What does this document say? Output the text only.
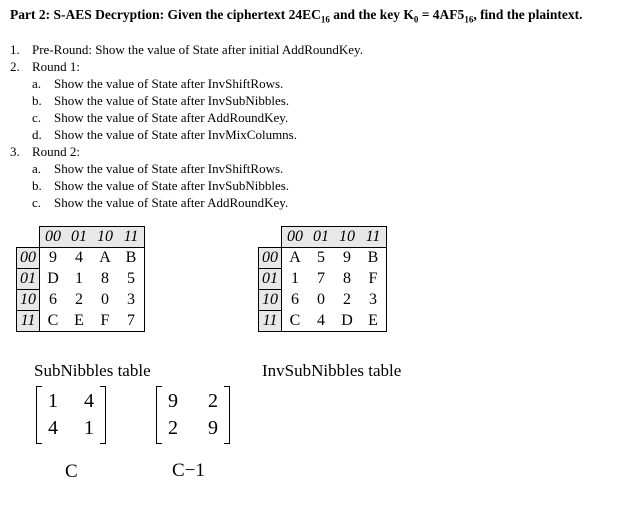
Part 2: S-AES Decryption: Given the ciphertext $24EC_{16}$ and the key $K_0 = 4AF5_{16}$, find the plaintext.
1. Pre-Round: Show the value of State after initial AddRoundKey.
2. Round 1:
a. Show the value of State after InvShiftRows.
b. Show the value of State after InvSubNibbles.
c. Show the value of State after AddRoundKey.
d. Show the value of State after InvMixColumns.
3. Round 2:
a. Show the value of State after InvShiftRows.
b. Show the value of State after InvSubNibbles.
c. Show the value of State after AddRoundKey.
	00	01	10	11
00	9	4	A	B
01	D	1	8	5
10	6	2	0	3
11	C	E	F	7
SubNibbles table
	00	01	10	11
00	A	5	9	B
01	1	7	8	F
10	6	0	2	3
11	C	4	D	E
InvSubNibbles table
1	4
4	1
C
9	2
2	9
C−1
